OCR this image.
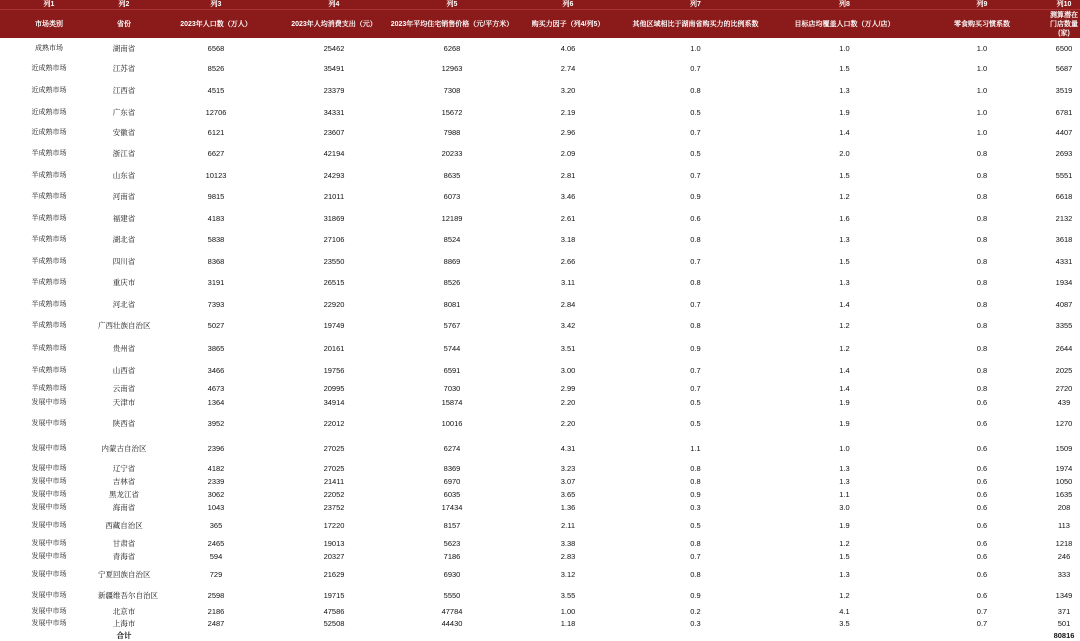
列1	列2	列3	列4	列5	列6	列7	列8	列9	列10
市场类别	省份	2023年人口数（万人）	2023年人均消费支出（元）	2023年平均住宅销售价格（元/平方米）	购买力因子（列4/列5）	其他区域相比于湖南省购买力的比例系数	目标店均覆盖人口数（万人/店）	零食购买习惯系数	测算潜在门店数量(家)
成熟市场	湖南省	6568	25462	6268	4.06	1.0	1.0	1.0	6500
近成熟市场	江苏省	8526	35491	12963	2.74	0.7	1.5	1.0	5687
近成熟市场	江西省	4515	23379	7308	3.20	0.8	1.3	1.0	3519
近成熟市场	广东省	12706	34331	15672	2.19	0.5	1.9	1.0	6781
近成熟市场	安徽省	6121	23607	7988	2.96	0.7	1.4	1.0	4407
半成熟市场	浙江省	6627	42194	20233	2.09	0.5	2.0	0.8	2693
半成熟市场	山东省	10123	24293	8635	2.81	0.7	1.5	0.8	5551
半成熟市场	河南省	9815	21011	6073	3.46	0.9	1.2	0.8	6618
半成熟市场	福建省	4183	31869	12189	2.61	0.6	1.6	0.8	2132
半成熟市场	湖北省	5838	27106	8524	3.18	0.8	1.3	0.8	3618
半成熟市场	四川省	8368	23550	8869	2.66	0.7	1.5	0.8	4331
半成熟市场	重庆市	3191	26515	8526	3.11	0.8	1.3	0.8	1934
半成熟市场	河北省	7393	22920	8081	2.84	0.7	1.4	0.8	4087
半成熟市场	广西壮族自治区	5027	19749	5767	3.42	0.8	1.2	0.8	3355
半成熟市场	贵州省	3865	20161	5744	3.51	0.9	1.2	0.8	2644
半成熟市场	山西省	3466	19756	6591	3.00	0.7	1.4	0.8	2025
半成熟市场	云南省	4673	20995	7030	2.99	0.7	1.4	0.8	2720
发展中市场	天津市	1364	34914	15874	2.20	0.5	1.9	0.6	439
发展中市场	陕西省	3952	22012	10016	2.20	0.5	1.9	0.6	1270
发展中市场	内蒙古自治区	2396	27025	6274	4.31	1.1	1.0	0.6	1509
发展中市场	辽宁省	4182	27025	8369	3.23	0.8	1.3	0.6	1974
发展中市场	吉林省	2339	21411	6970	3.07	0.8	1.3	0.6	1050
发展中市场	黑龙江省	3062	22052	6035	3.65	0.9	1.1	0.6	1635
发展中市场	海南省	1043	23752	17434	1.36	0.3	3.0	0.6	208
发展中市场	西藏自治区	365	17220	8157	2.11	0.5	1.9	0.6	113
发展中市场	甘肃省	2465	19013	5623	3.38	0.8	1.2	0.6	1218
发展中市场	青海省	594	20327	7186	2.83	0.7	1.5	0.6	246
发展中市场	宁夏回族自治区	729	21629	6930	3.12	0.8	1.3	0.6	333
发展中市场	新疆维吾尔自治区	2598	19715	5550	3.55	0.9	1.2	0.6	1349
发展中市场	北京市	2186	47586	47784	1.00	0.2	4.1	0.7	371
发展中市场	上海市	2487	52508	44430	1.18	0.3	3.5	0.7	501
	合计								80816
